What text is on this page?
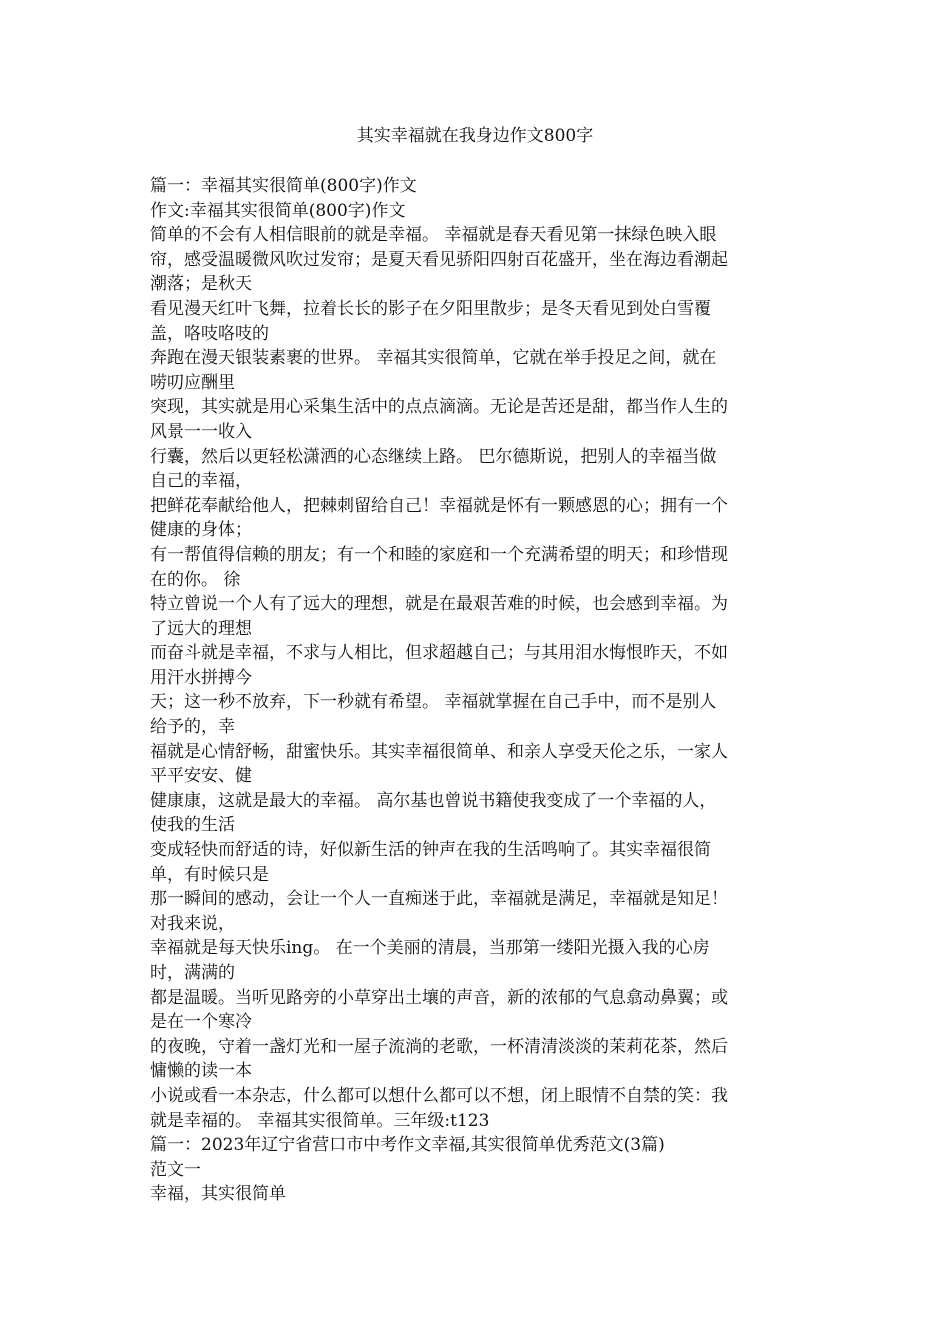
其实幸福就在我身边作文800字
篇一：幸福其实很简单(800字)作文
作文:幸福其实很简单(800字)作文
简单的不会有人相信眼前的就是幸福。 幸福就是春天看见第一抹绿色映入眼
帘，感受温暖微风吹过发帘；是夏天看见骄阳四射百花盛开，坐在海边看潮起
潮落；是秋天
看见漫天红叶飞舞，拉着长长的影子在夕阳里散步；是冬天看见到处白雪覆
盖，咯吱咯吱的
奔跑在漫天银装素裹的世界。 幸福其实很简单，它就在举手投足之间，就在
唠叨应酬里
突现，其实就是用心采集生活中的点点滴滴。无论是苦还是甜，都当作人生的
风景一一收入
行囊，然后以更轻松潇洒的心态继续上路。 巴尔德斯说，把别人的幸福当做
自己的幸福，
把鲜花奉献给他人，把棘刺留给自己！幸福就是怀有一颗感恩的心；拥有一个
健康的身体；
有一帮值得信赖的朋友；有一个和睦的家庭和一个充满希望的明天；和珍惜现
在的你。 徐
特立曾说一个人有了远大的理想，就是在最艰苦难的时候，也会感到幸福。为
了远大的理想
而奋斗就是幸福，不求与人相比，但求超越自己；与其用泪水悔恨昨天，不如
用汗水拼搏今
天；这一秒不放弃，下一秒就有希望。 幸福就掌握在自己手中，而不是别人
给予的，幸
福就是心情舒畅，甜蜜快乐。其实幸福很简单、和亲人享受天伦之乐，一家人
平平安安、健
健康康，这就是最大的幸福。 高尔基也曾说书籍使我变成了一个幸福的人，
使我的生活
变成轻快而舒适的诗，好似新生活的钟声在我的生活鸣响了。其实幸福很简
单，有时候只是
那一瞬间的感动，会让一个人一直痴迷于此，幸福就是满足，幸福就是知足！
对我来说，
幸福就是每天快乐ing。 在一个美丽的清晨，当那第一缕阳光摄入我的心房
时，满满的
都是温暖。当听见路旁的小草穿出土壤的声音，新的浓郁的气息翕动鼻翼；或
是在一个寒冷
的夜晚，守着一盏灯光和一屋子流淌的老歌，一杯清清淡淡的茉莉花茶，然后
慵懒的读一本
小说或看一本杂志，什么都可以想什么都可以不想，闭上眼情不自禁的笑：我
就是幸福的。 幸福其实很简单。三年级:t123
篇一：2023年辽宁省营口市中考作文幸福,其实很简单优秀范文(3篇)
范文一
幸福，其实很简单
